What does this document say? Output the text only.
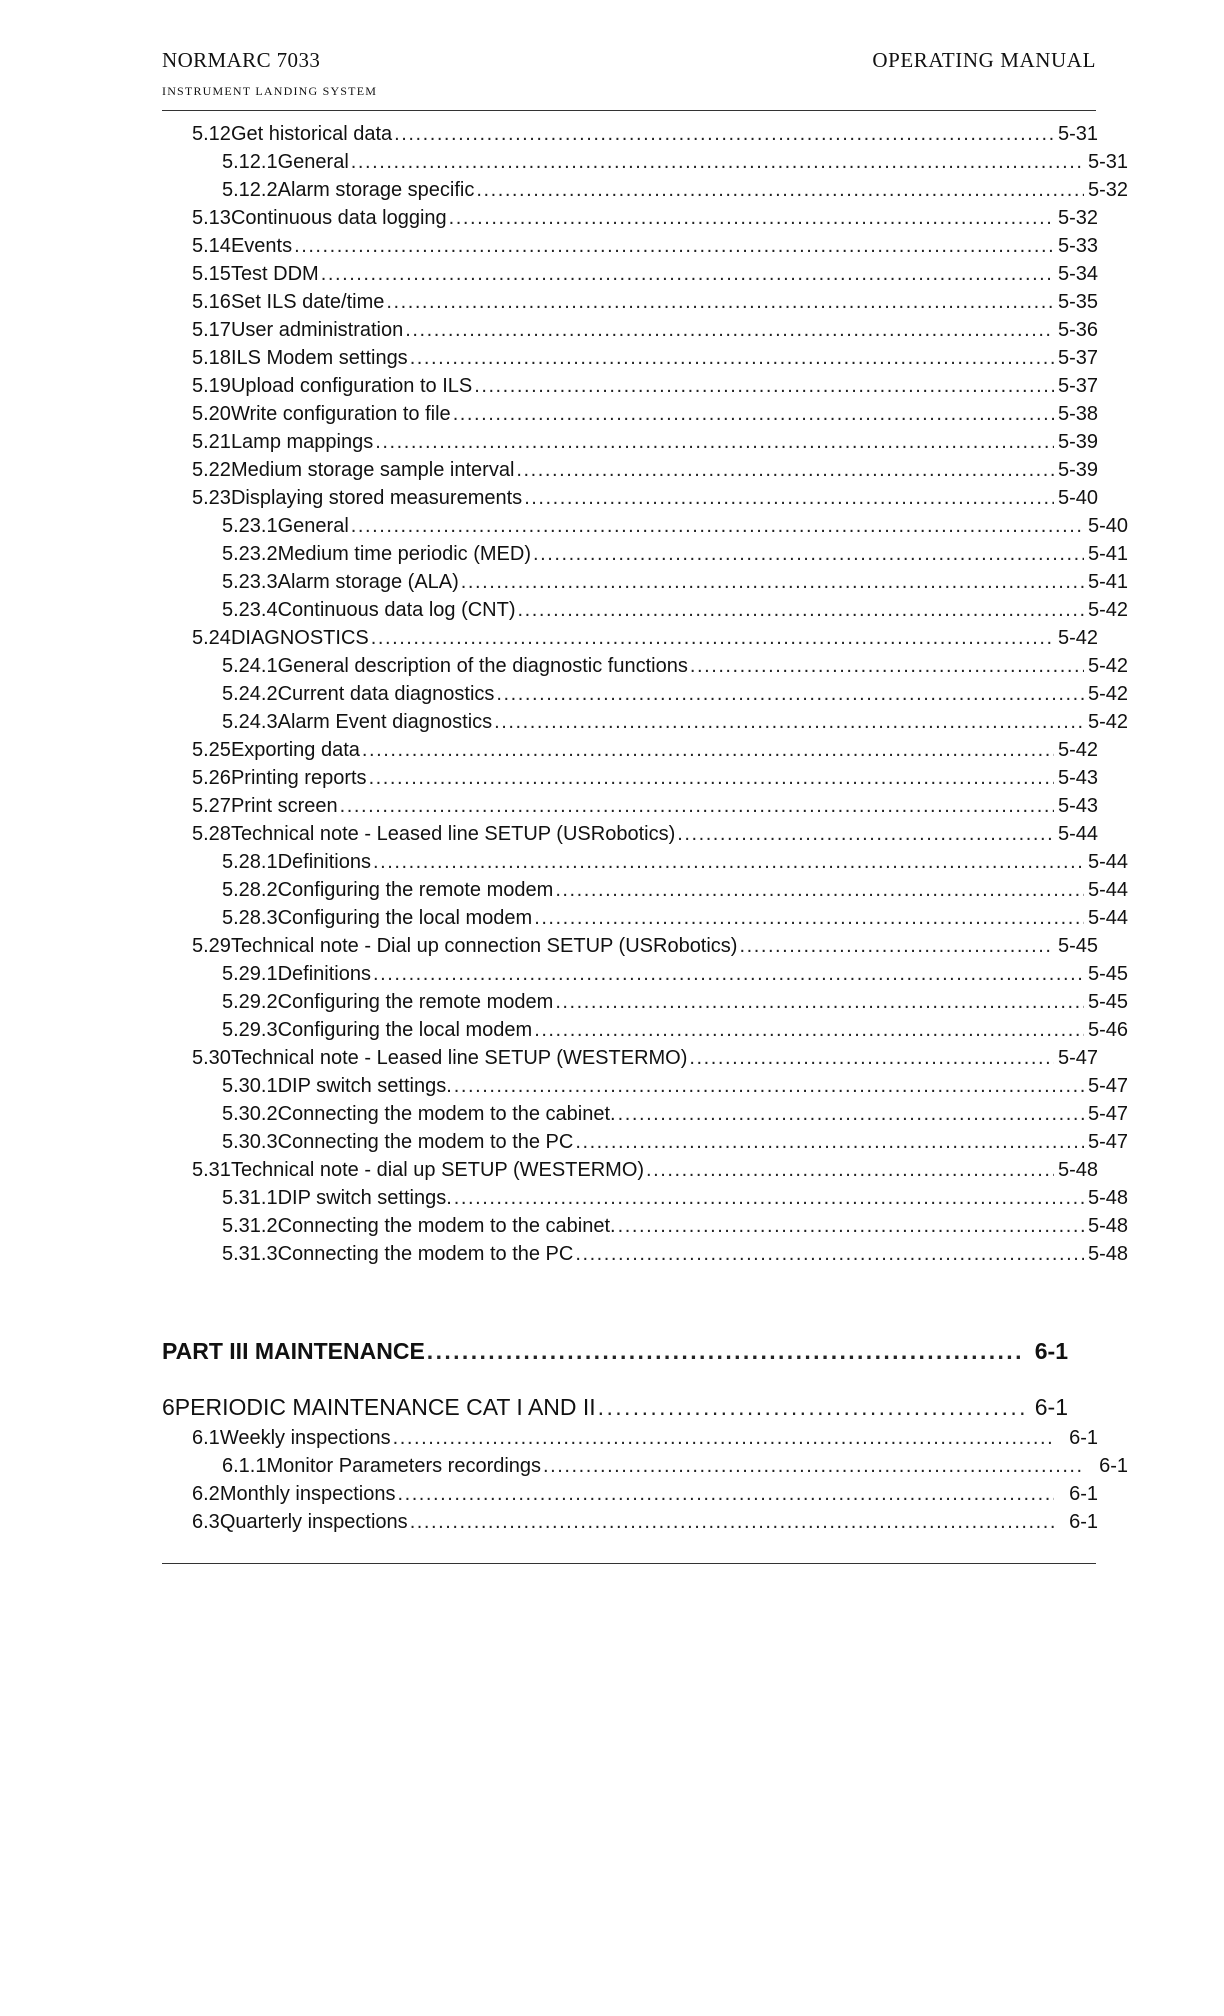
NORMARC 7033
INSTRUMENT LANDING SYSTEM
OPERATING MANUAL
5.12 Get historical data . . .	5-31
5.12.1 General . . .	5-31
5.12.2 Alarm storage specific . . .	5-32
5.13 Continuous data logging . . .	5-32
5.14 Events . . .	5-33
5.15 Test DDM . . .	5-34
5.16 Set ILS date/time . . .	5-35
5.17 User administration . . .	5-36
5.18 ILS Modem settings . . .	5-37
5.19 Upload configuration to ILS . . .	5-37
5.20 Write configuration to file . . .	5-38
5.21 Lamp mappings . . .	5-39
5.22 Medium storage sample interval . . .	5-39
5.23 Displaying stored measurements . . .	5-40
5.23.1 General . . .	5-40
5.23.2 Medium time periodic (MED) . . .	5-41
5.23.3 Alarm storage (ALA) . . .	5-41
5.23.4 Continuous data log (CNT) . . .	5-42
5.24 DIAGNOSTICS . . .	5-42
5.24.1 General description of the diagnostic functions . . .	5-42
5.24.2 Current data diagnostics . . .	5-42
5.24.3 Alarm Event diagnostics . . .	5-42
5.25 Exporting data . . .	5-42
5.26 Printing reports . . .	5-43
5.27 Print screen . . .	5-43
5.28 Technical note - Leased line SETUP (USRobotics) . . .	5-44
5.28.1 Definitions . . .	5-44
5.28.2 Configuring the remote modem . . .	5-44
5.28.3 Configuring the local modem . . .	5-44
5.29 Technical note - Dial up connection SETUP (USRobotics) . . .	5-45
5.29.1 Definitions . . .	5-45
5.29.2 Configuring the remote modem . . .	5-45
5.29.3 Configuring the local modem . . .	5-46
5.30 Technical note - Leased line SETUP (WESTERMO) . . .	5-47
5.30.1 DIP switch settings. . . .	5-47
5.30.2 Connecting the modem to the cabinet. . . .	5-47
5.30.3 Connecting the modem to the PC . . .	5-47
5.31 Technical note - dial up SETUP (WESTERMO) . . .	5-48
5.31.1 DIP switch settings. . . .	5-48
5.31.2 Connecting the modem to the cabinet. . . .	5-48
5.31.3 Connecting the modem to the PC . . .	5-48
PART III MAINTENANCE . . .	6-1
6 PERIODIC MAINTENANCE CAT I AND II . . .	6-1
6.1 Weekly inspections . . .	6-1
6.1.1 Monitor Parameters recordings . . .	6-1
6.2 Monthly inspections . . .	6-1
6.3 Quarterly inspections . . .	6-1
